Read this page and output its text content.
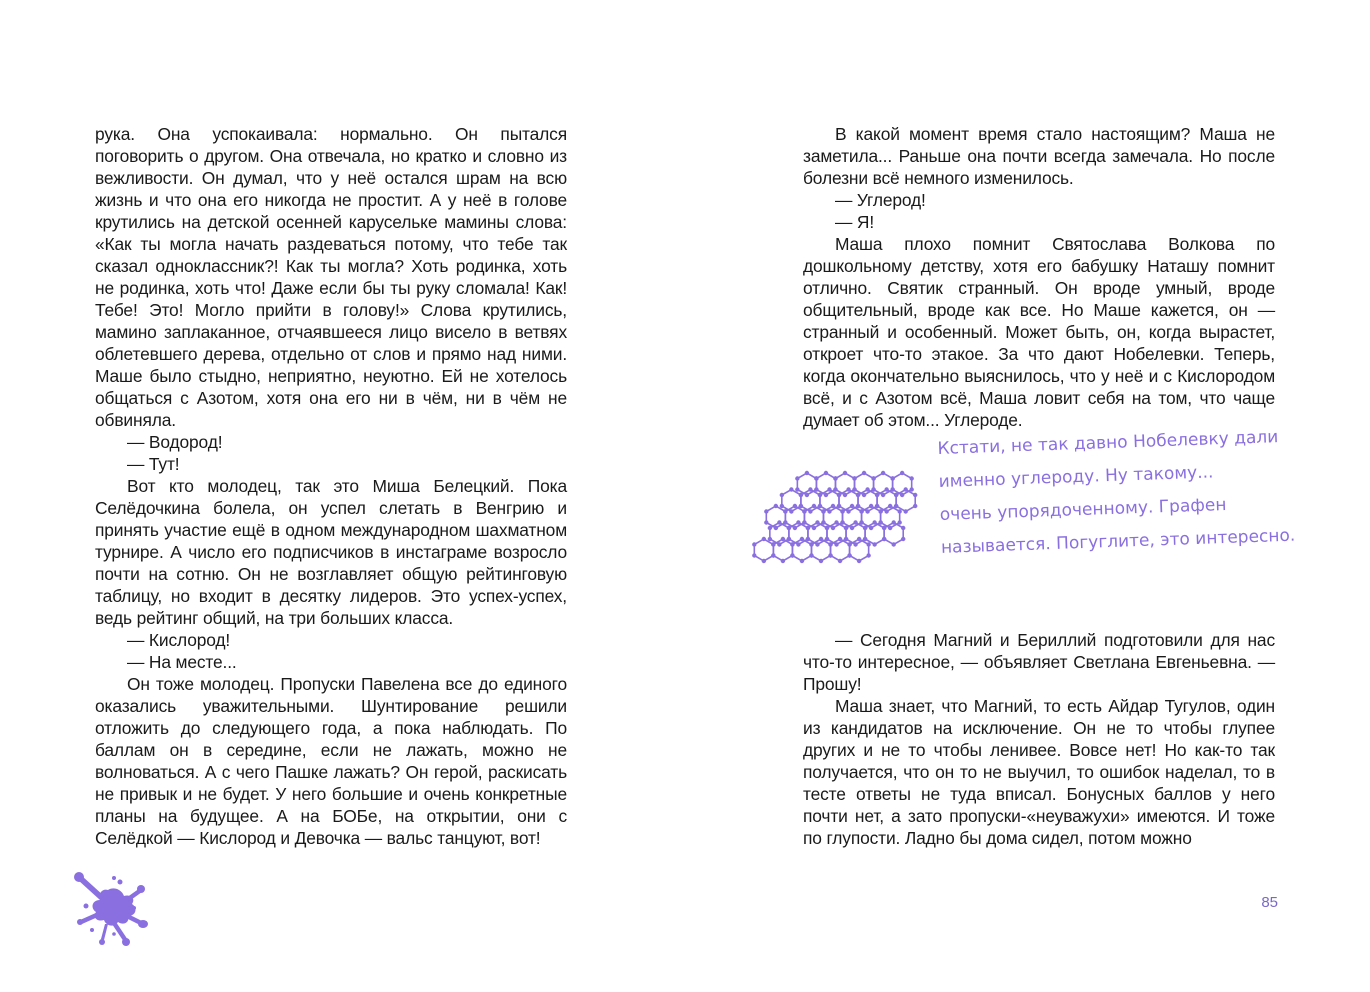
рука. Она успокаивала: нормально. Он пытался поговорить о другом. Она отвечала, но кратко и словно из вежливости. Он думал, что у неё остался шрам на всю жизнь и что она его никогда не простит. А у неё в голове крутились на детской осенней карусельке мамины слова: «Как ты могла начать раздеваться потому, что тебе так сказал одноклассник?! Как ты могла? Хоть родинка, хоть не родинка, хоть что! Даже если бы ты руку сломала! Как! Тебе! Это! Могло прийти в голову!» Слова крутились, мамино заплаканное, отчаявшееся лицо висело в ветвях облетевшего дерева, отдельно от слов и прямо над ними. Маше было стыдно, неприятно, неуютно. Ей не хотелось общаться с Азотом, хотя она его ни в чём, ни в чём не обвиняла.

— Водород!

— Тут!

Вот кто молодец, так это Миша Белецкий. Пока Селёдочкина болела, он успел слетать в Венгрию и принять участие ещё в одном международном шахматном турнире. А число его подписчиков в инстаграме возросло почти на сотню. Он не возглавляет общую рейтинговую таблицу, но входит в десятку лидеров. Это успех-успех, ведь рейтинг общий, на три больших класса.

— Кислород!

— На месте...

Он тоже молодец. Пропуски Павелена все до единого оказались уважительными. Шунтирование решили отложить до следующего года, а пока наблюдать. По баллам он в середине, если не лажать, можно не волноваться. А с чего Пашке лажать? Он герой, раскисать не привык и не будет. У него большие и очень конкретные планы на будущее. А на БОБе, на открытии, они с Селёдкой — Кислород и Девочка — вальс танцуют, вот!

В какой момент время стало настоящим? Маша не заметила... Раньше она почти всегда замечала. Но после болезни всё немного изменилось.

— Углерод!

— Я!

Маша плохо помнит Святослава Волкова по дошкольному детству, хотя его бабушку Наташу помнит отлично. Святик странный. Он вроде умный, вроде общительный, вроде как все. Но Маше кажется, он — странный и особенный. Может быть, он, когда вырастет, откроет что-то этакое. За что дают Нобелевки. Теперь, когда окончательно выяснилось, что у неё и с Кислородом всё, и с Азотом всё, Маша ловит себя на том, что чаще думает об этом... Углероде.

Кстати, не так давно Нобелевку дали
именно углероду. Ну такому...
очень упорядоченному. Графен
называется. Погуглите, это интересно.

— Сегодня Магний и Бериллий подготовили для нас что-то интересное, — объявляет Светлана Евгеньевна. — Прошу!

Маша знает, что Магний, то есть Айдар Тугулов, один из кандидатов на исключение. Он не то чтобы глупее других и не то чтобы ленивее. Вовсе нет! Но как-то так получается, что он то не выучил, то ошибок наделал, то в тесте ответы не туда вписал. Бонусных баллов у него почти нет, а зато пропуски-«неуважухи» имеются. И тоже по глупости. Ладно бы дома сидел, потом можно

85
